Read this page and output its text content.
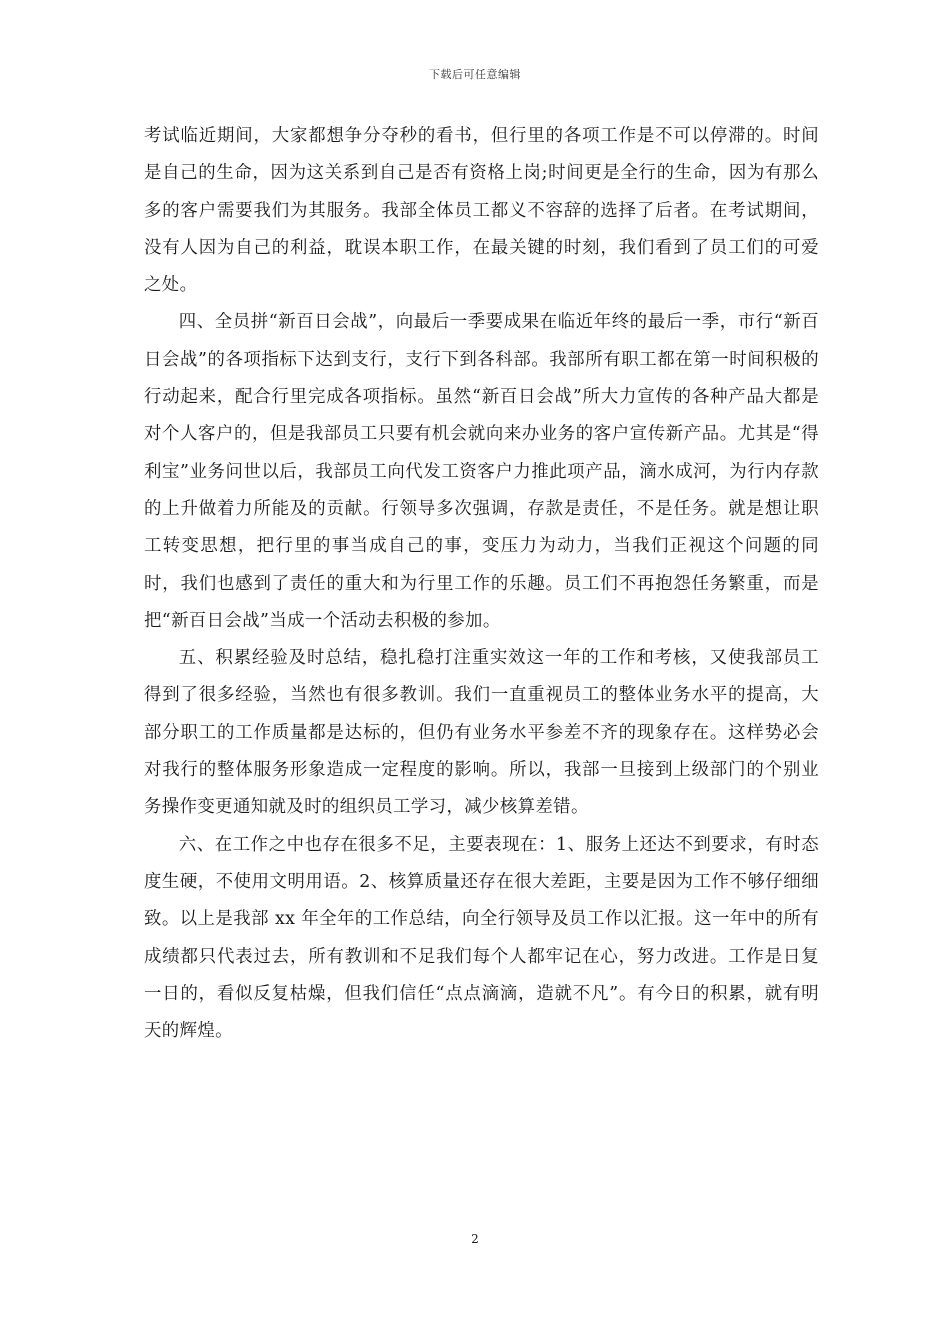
下载后可任意编辑

考试临近期间，大家都想争分夺秒的看书，但行里的各项工作是不可以停滞的。时间是自己的生命，因为这关系到自己是否有资格上岗;时间更是全行的生命，因为有那么多的客户需要我们为其服务。我部全体员工都义不容辞的选择了后者。在考试期间，没有人因为自己的利益，耽误本职工作，在最关键的时刻，我们看到了员工们的可爱之处。

四、全员拼“新百日会战”，向最后一季要成果在临近年终的最后一季，市行“新百日会战”的各项指标下达到支行，支行下到各科部。我部所有职工都在第一时间积极的行动起来，配合行里完成各项指标。虽然“新百日会战”所大力宣传的各种产品大都是对个人客户的，但是我部员工只要有机会就向来办业务的客户宣传新产品。尤其是“得利宝”业务问世以后，我部员工向代发工资客户力推此项产品，滴水成河，为行内存款的上升做着力所能及的贡献。行领导多次强调，存款是责任，不是任务。就是想让职工转变思想，把行里的事当成自己的事，变压力为动力，当我们正视这个问题的同时，我们也感到了责任的重大和为行里工作的乐趣。员工们不再抱怨任务繁重，而是把“新百日会战”当成一个活动去积极的参加。

五、积累经验及时总结，稳扎稳打注重实效这一年的工作和考核，又使我部员工得到了很多经验，当然也有很多教训。我们一直重视员工的整体业务水平的提高，大部分职工的工作质量都是达标的，但仍有业务水平参差不齐的现象存在。这样势必会对我行的整体服务形象造成一定程度的影响。所以，我部一旦接到上级部门的个别业务操作变更通知就及时的组织员工学习，减少核算差错。

六、在工作之中也存在很多不足，主要表现在：1、服务上还达不到要求，有时态度生硬，不使用文明用语。2、核算质量还存在很大差距，主要是因为工作不够仔细细致。以上是我部 xx 年全年的工作总结，向全行领导及员工作以汇报。这一年中的所有成绩都只代表过去，所有教训和不足我们每个人都牢记在心，努力改进。工作是日复一日的，看似反复枯燥，但我们信任“点点滴滴，造就不凡”。有今日的积累，就有明天的辉煌。

2
